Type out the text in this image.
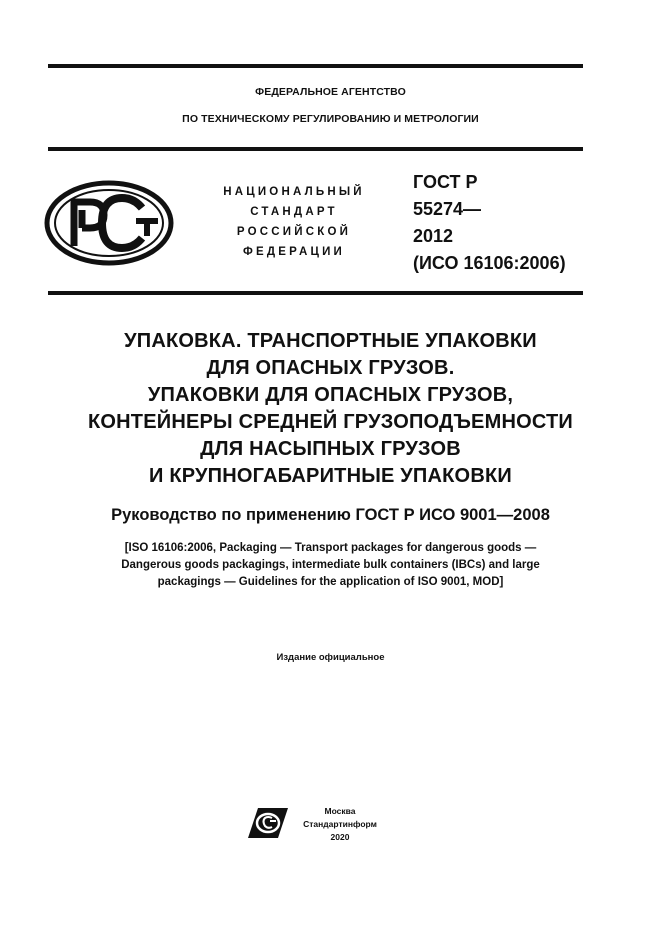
ФЕДЕРАЛЬНОЕ АГЕНТСТВО
ПО ТЕХНИЧЕСКОМУ РЕГУЛИРОВАНИЮ И МЕТРОЛОГИИ
НАЦИОНАЛЬНЫЙ
СТАНДАРТ
РОССИЙСКОЙ
ФЕДЕРАЦИИ
ГОСТ Р
55274—
2012
(ИСО 16106:2006)
УПАКОВКА. ТРАНСПОРТНЫЕ УПАКОВКИ
ДЛЯ ОПАСНЫХ ГРУЗОВ.
УПАКОВКИ ДЛЯ ОПАСНЫХ ГРУЗОВ,
КОНТЕЙНЕРЫ СРЕДНЕЙ ГРУЗОПОДЪЕМНОСТИ
ДЛЯ НАСЫПНЫХ ГРУЗОВ
И КРУПНОГАБАРИТНЫЕ УПАКОВКИ
Руководство по применению ГОСТ Р ИСО 9001—2008
[ISO 16106:2006, Packaging — Transport packages for dangerous goods —
Dangerous goods packagings, intermediate bulk containers (IBCs) and large
packagings — Guidelines for the application of ISO 9001, MOD]
Издание официальное
Москва
Стандартинформ
2020
